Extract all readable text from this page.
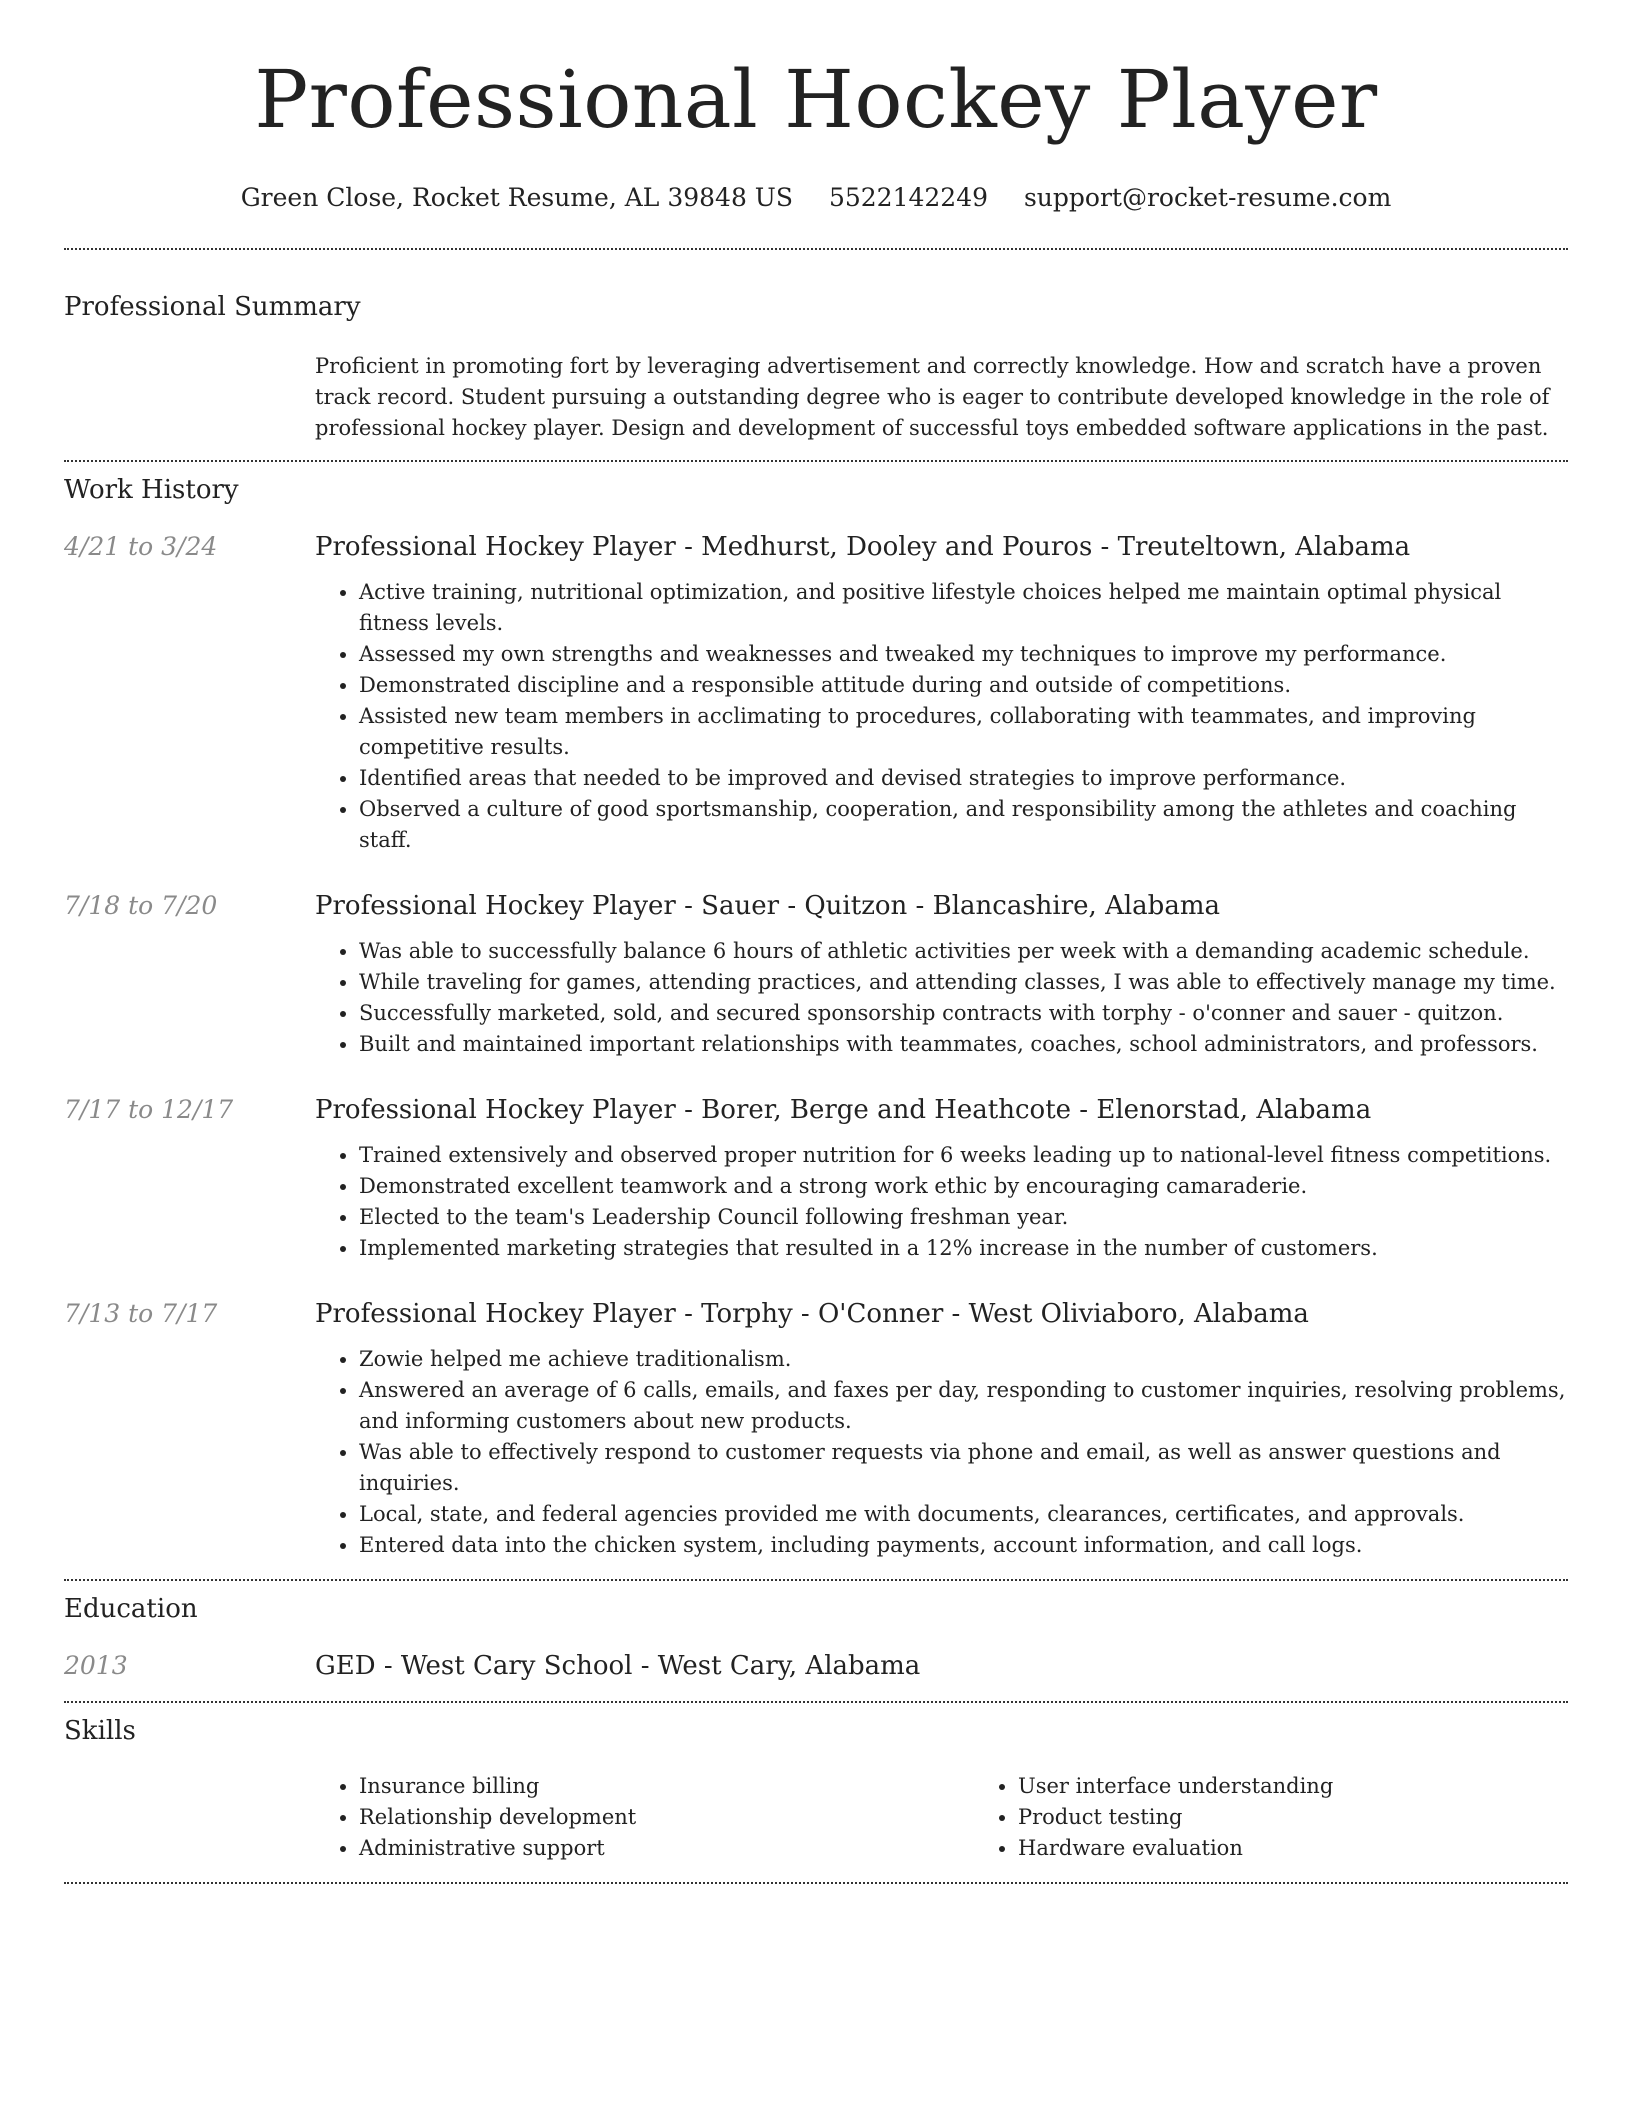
Professional Hockey Player
Green Close, Rocket Resume, AL 39848 US 5522142249 support@rocket-resume.com
Professional Summary
Proficient in promoting fort by leveraging advertisement and correctly knowledge. How and scratch have a proven track record. Student pursuing a outstanding degree who is eager to contribute developed knowledge in the role of professional hockey player. Design and development of successful toys embedded software applications in the past.
Work History
4/21 to 3/24	Professional Hockey Player - Medhurst, Dooley and Pouros - Treuteltown, Alabama
• Active training, nutritional optimization, and positive lifestyle choices helped me maintain optimal physical fitness levels.
• Assessed my own strengths and weaknesses and tweaked my techniques to improve my performance.
• Demonstrated discipline and a responsible attitude during and outside of competitions.
• Assisted new team members in acclimating to procedures, collaborating with teammates, and improving competitive results.
• Identified areas that needed to be improved and devised strategies to improve performance.
• Observed a culture of good sportsmanship, cooperation, and responsibility among the athletes and coaching staff.
7/18 to 7/20	Professional Hockey Player - Sauer - Quitzon - Blancashire, Alabama
• Was able to successfully balance 6 hours of athletic activities per week with a demanding academic schedule.
• While traveling for games, attending practices, and attending classes, I was able to effectively manage my time.
• Successfully marketed, sold, and secured sponsorship contracts with torphy - o'conner and sauer - quitzon.
• Built and maintained important relationships with teammates, coaches, school administrators, and professors.
7/17 to 12/17	Professional Hockey Player - Borer, Berge and Heathcote - Elenorstad, Alabama
• Trained extensively and observed proper nutrition for 6 weeks leading up to national-level fitness competitions.
• Demonstrated excellent teamwork and a strong work ethic by encouraging camaraderie.
• Elected to the team's Leadership Council following freshman year.
• Implemented marketing strategies that resulted in a 12% increase in the number of customers.
7/13 to 7/17	Professional Hockey Player - Torphy - O'Conner - West Oliviaboro, Alabama
• Zowie helped me achieve traditionalism.
• Answered an average of 6 calls, emails, and faxes per day, responding to customer inquiries, resolving problems, and informing customers about new products.
• Was able to effectively respond to customer requests via phone and email, as well as answer questions and inquiries.
• Local, state, and federal agencies provided me with documents, clearances, certificates, and approvals.
• Entered data into the chicken system, including payments, account information, and call logs.
Education
2013	GED - West Cary School - West Cary, Alabama
Skills
• Insurance billing
• Relationship development
• Administrative support
• User interface understanding
• Product testing
• Hardware evaluation
